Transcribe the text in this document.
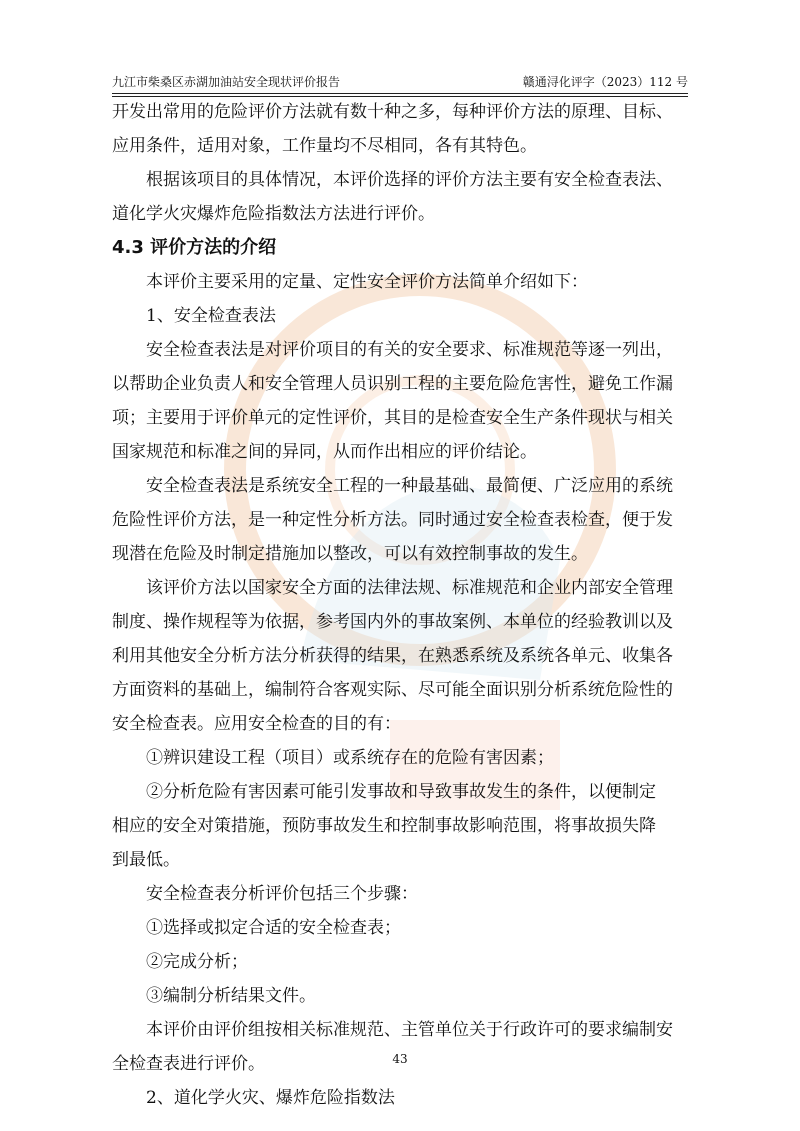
九江市柴桑区赤湖加油站安全现状评价报告	赣通浔化评字（2023）112 号
开发出常用的危险评价方法就有数十种之多，每种评价方法的原理、目标、
应用条件，适用对象，工作量均不尽相同，各有其特色。
根据该项目的具体情况，本评价选择的评价方法主要有安全检查表法、
道化学火灾爆炸危险指数法方法进行评价。
4.3 评价方法的介绍
本评价主要采用的定量、定性安全评价方法简单介绍如下：
1、安全检查表法
安全检查表法是对评价项目的有关的安全要求、标准规范等逐一列出，
以帮助企业负责人和安全管理人员识别工程的主要危险危害性，避免工作漏
项；主要用于评价单元的定性评价，其目的是检查安全生产条件现状与相关
国家规范和标准之间的异同，从而作出相应的评价结论。
安全检查表法是系统安全工程的一种最基础、最简便、广泛应用的系统
危险性评价方法，是一种定性分析方法。同时通过安全检查表检查，便于发
现潜在危险及时制定措施加以整改，可以有效控制事故的发生。
该评价方法以国家安全方面的法律法规、标准规范和企业内部安全管理
制度、操作规程等为依据，参考国内外的事故案例、本单位的经验教训以及
利用其他安全分析方法分析获得的结果，在熟悉系统及系统各单元、收集各
方面资料的基础上，编制符合客观实际、尽可能全面识别分析系统危险性的
安全检查表。应用安全检查的目的有：
①辨识建设工程（项目）或系统存在的危险有害因素；
②分析危险有害因素可能引发事故和导致事故发生的条件，以便制定
相应的安全对策措施，预防事故发生和控制事故影响范围，将事故损失降
到最低。
安全检查表分析评价包括三个步骤：
①选择或拟定合适的安全检查表；
②完成分析；
③编制分析结果文件。
本评价由评价组按相关标准规范、主管单位关于行政许可的要求编制安
全检查表进行评价。
2、道化学火灾、爆炸危险指数法
43
